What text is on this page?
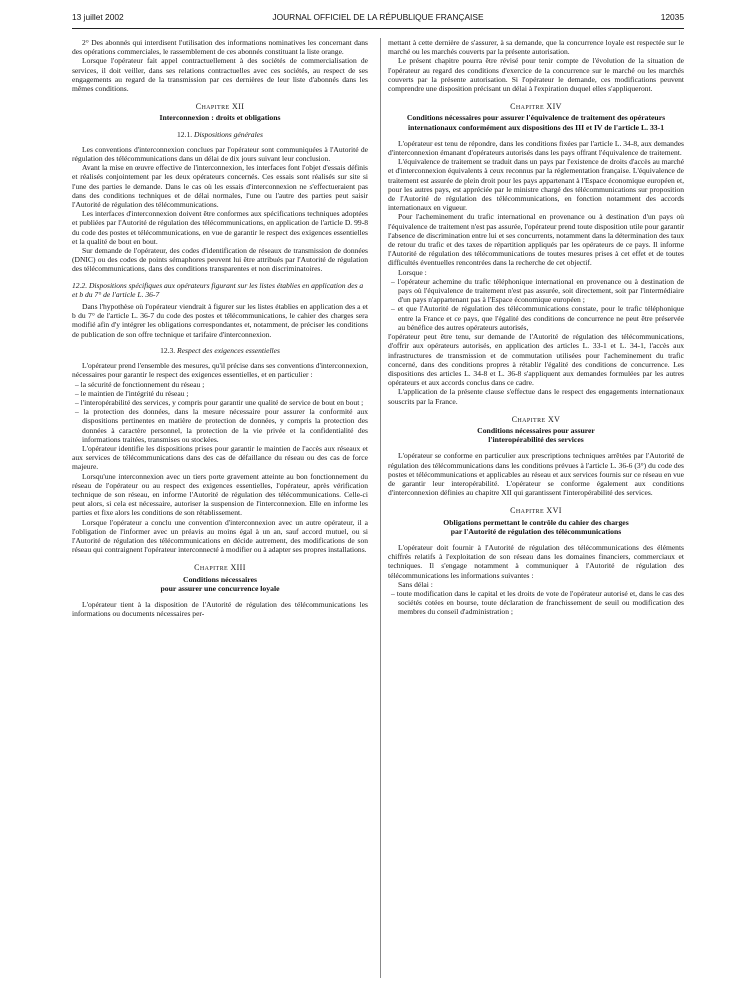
13 juillet 2002	JOURNAL OFFICIEL DE LA RÉPUBLIQUE FRANÇAISE	12035

2° Des abonnés qui interdisent l'utilisation des informations nominatives les concernant dans des opérations commerciales, le rassemblement de ces abonnés constituant la liste orange.

Lorsque l'opérateur fait appel contractuellement à des sociétés de commercialisation de services, il doit veiller, dans ses relations contractuelles avec ces sociétés, au respect de ses engagements au regard de la transmission par ces dernières de leur liste d'abonnés dans les mêmes conditions.

Chapitre XII
Interconnexion : droits et obligations
12.1. Dispositions générales

Les conventions d'interconnexion conclues par l'opérateur sont communiquées à l'Autorité de régulation des télécommunications dans un délai de dix jours suivant leur conclusion.

Avant la mise en œuvre effective de l'interconnexion, les interfaces font l'objet d'essais définis et réalisés conjointement par les deux opérateurs concernés. Ces essais sont réalisés sur site si l'une des parties le demande. Dans le cas où les essais d'interconnexion ne s'effectueraient pas dans des conditions techniques et de délai normales, l'une ou l'autre des parties peut saisir l'Autorité de régulation des télécommunications.

Les interfaces d'interconnexion doivent être conformes aux spécifications techniques adoptées et publiées par l'Autorité de régulation des télécommunications, en application de l'article D. 99-8 du code des postes et télécommunications, en vue de garantir le respect des exigences essentielles et la qualité de bout en bout.

Sur demande de l'opérateur, des codes d'identification de réseaux de transmission de données (DNIC) ou des codes de points sémaphores peuvent lui être attribués par l'Autorité de régulation des télécommunications, dans des conditions transparentes et non discriminatoires.

12.2. Dispositions spécifiques aux opérateurs figurant sur les listes établies en application des a et b du 7° de l'article L. 36-7

Dans l'hypothèse où l'opérateur viendrait à figurer sur les listes établies en application des a et b du 7° de l'article L. 36-7 du code des postes et télécommunications, le cahier des charges sera modifié afin d'y intégrer les obligations correspondantes et, notamment, de préciser les conditions de publication de son offre technique et tarifaire d'interconnexion.

12.3. Respect des exigences essentielles

L'opérateur prend l'ensemble des mesures, qu'il précise dans ses conventions d'interconnexion, nécessaires pour garantir le respect des exigences essentielles, et en particulier :

– la sécurité de fonctionnement du réseau ;
– le maintien de l'intégrité du réseau ;
– l'interopérabilité des services, y compris pour garantir une qualité de service de bout en bout ;
– la protection des données, dans la mesure nécessaire pour assurer la conformité aux dispositions pertinentes en matière de protection de données, y compris la protection des données à caractère personnel, la protection de la vie privée et la confidentialité des informations traitées, transmises ou stockées.

L'opérateur identifie les dispositions prises pour garantir le maintien de l'accès aux réseaux et aux services de télécommunications dans des cas de défaillance du réseau ou des cas de force majeure.

Lorsqu'une interconnexion avec un tiers porte gravement atteinte au bon fonctionnement du réseau de l'opérateur ou au respect des exigences essentielles, l'opérateur, après vérification technique de son réseau, en informe l'Autorité de régulation des télécommunications. Celle-ci peut alors, si cela est nécessaire, autoriser la suspension de l'interconnexion. Elle en informe les parties et fixe alors les conditions de son rétablissement.

Lorsque l'opérateur a conclu une convention d'interconnexion avec un autre opérateur, il a l'obligation de l'informer avec un préavis au moins égal à un an, sauf accord mutuel, ou si l'Autorité de régulation des télécommunications en décide autrement, des modifications de son réseau qui contraignent l'opérateur interconnecté à modifier ou à adapter ses propres installations.

Chapitre XIII
Conditions nécessaires
pour assurer une concurrence loyale

L'opérateur tient à la disposition de l'Autorité de régulation des télécommunications les informations ou documents nécessaires per-

mettant à cette dernière de s'assurer, à sa demande, que la concurrence loyale est respectée sur le marché ou les marchés couverts par la présente autorisation.

Le présent chapitre pourra être révisé pour tenir compte de l'évolution de la situation de l'opérateur au regard des conditions d'exercice de la concurrence sur le marché ou les marchés couverts par la présente autorisation. Si l'opérateur le demande, ces modifications peuvent comprendre une disposition précisant un délai à l'expiration duquel elles s'appliqueront.

Chapitre XIV
Conditions nécessaires pour assurer l'équivalence de traitement des opérateurs internationaux conformément aux dispositions des III et IV de l'article L. 33-1

L'opérateur est tenu de répondre, dans les conditions fixées par l'article L. 34-8, aux demandes d'interconnexion émanant d'opérateurs autorisés dans les pays offrant l'équivalence de traitement.

L'équivalence de traitement se traduit dans un pays par l'existence de droits d'accès au marché et d'interconnexion équivalents à ceux reconnus par la réglementation française. L'équivalence de traitement est assurée de plein droit pour les pays appartenant à l'Espace économique européen et, pour les autres pays, est appréciée par le ministre chargé des télécommunications sur proposition de l'Autorité de régulation des télécommunications, en fonction notamment des accords internationaux en vigueur.

Pour l'acheminement du trafic international en provenance ou à destination d'un pays où l'équivalence de traitement n'est pas assurée, l'opérateur prend toute disposition utile pour garantir l'absence de discrimination entre lui et ses concurrents, notamment dans la détermination des taux de retour du trafic et des taxes de répartition appliqués par les opérateurs de ce pays. Il informe l'Autorité de régulation des télécommunications de toutes mesures prises à cet effet et de toutes difficultés éventuelles rencontrées dans la recherche de cet objectif.

Lorsque :

– l'opérateur achemine du trafic téléphonique international en provenance ou à destination de pays où l'équivalence de traitement n'est pas assurée, soit directement, soit par l'intermédiaire d'un pays n'appartenant pas à l'Espace économique européen ;
– et que l'Autorité de régulation des télécommunications constate, pour le trafic téléphonique entre la France et ce pays, que l'égalité des conditions de concurrence ne peut être préservée au bénéfice des autres opérateurs autorisés,

l'opérateur peut être tenu, sur demande de l'Autorité de régulation des télécommunications, d'offrir aux opérateurs autorisés, en application des articles L. 33-1 et L. 34-1, l'accès aux infrastructures de transmission et de commutation utilisées pour l'acheminement du trafic concerné, dans des conditions propres à rétablir l'égalité des conditions de concurrence. Les dispositions des articles L. 34-8 et L. 36-8 s'appliquent aux demandes formulées par les autres opérateurs et aux accords conclus dans ce cadre.

L'application de la présente clause s'effectue dans le respect des engagements internationaux souscrits par la France.

Chapitre XV
Conditions nécessaires pour assurer
l'interopérabilité des services

L'opérateur se conforme en particulier aux prescriptions techniques arrêtées par l'Autorité de régulation des télécommunications dans les conditions prévues à l'article L. 36-6 (3°) du code des postes et télécommunications et applicables au réseau et aux services fournis sur ce réseau en vue de garantir leur interopérabilité. L'opérateur se conforme également aux conditions d'interconnexion définies au chapitre XII qui garantissent l'interopérabilité des services.

Chapitre XVI
Obligations permettant le contrôle du cahier des charges
par l'Autorité de régulation des télécommunications

L'opérateur doit fournir à l'Autorité de régulation des télécommunications des éléments chiffrés relatifs à l'exploitation de son réseau dans les domaines financiers, commerciaux et techniques. Il s'engage notamment à communiquer à l'Autorité de régulation des télécommunications les informations suivantes :

Sans délai :

– toute modification dans le capital et les droits de vote de l'opérateur autorisé et, dans le cas des sociétés cotées en bourse, toute déclaration de franchissement de seuil ou modification des membres du conseil d'administration ;
